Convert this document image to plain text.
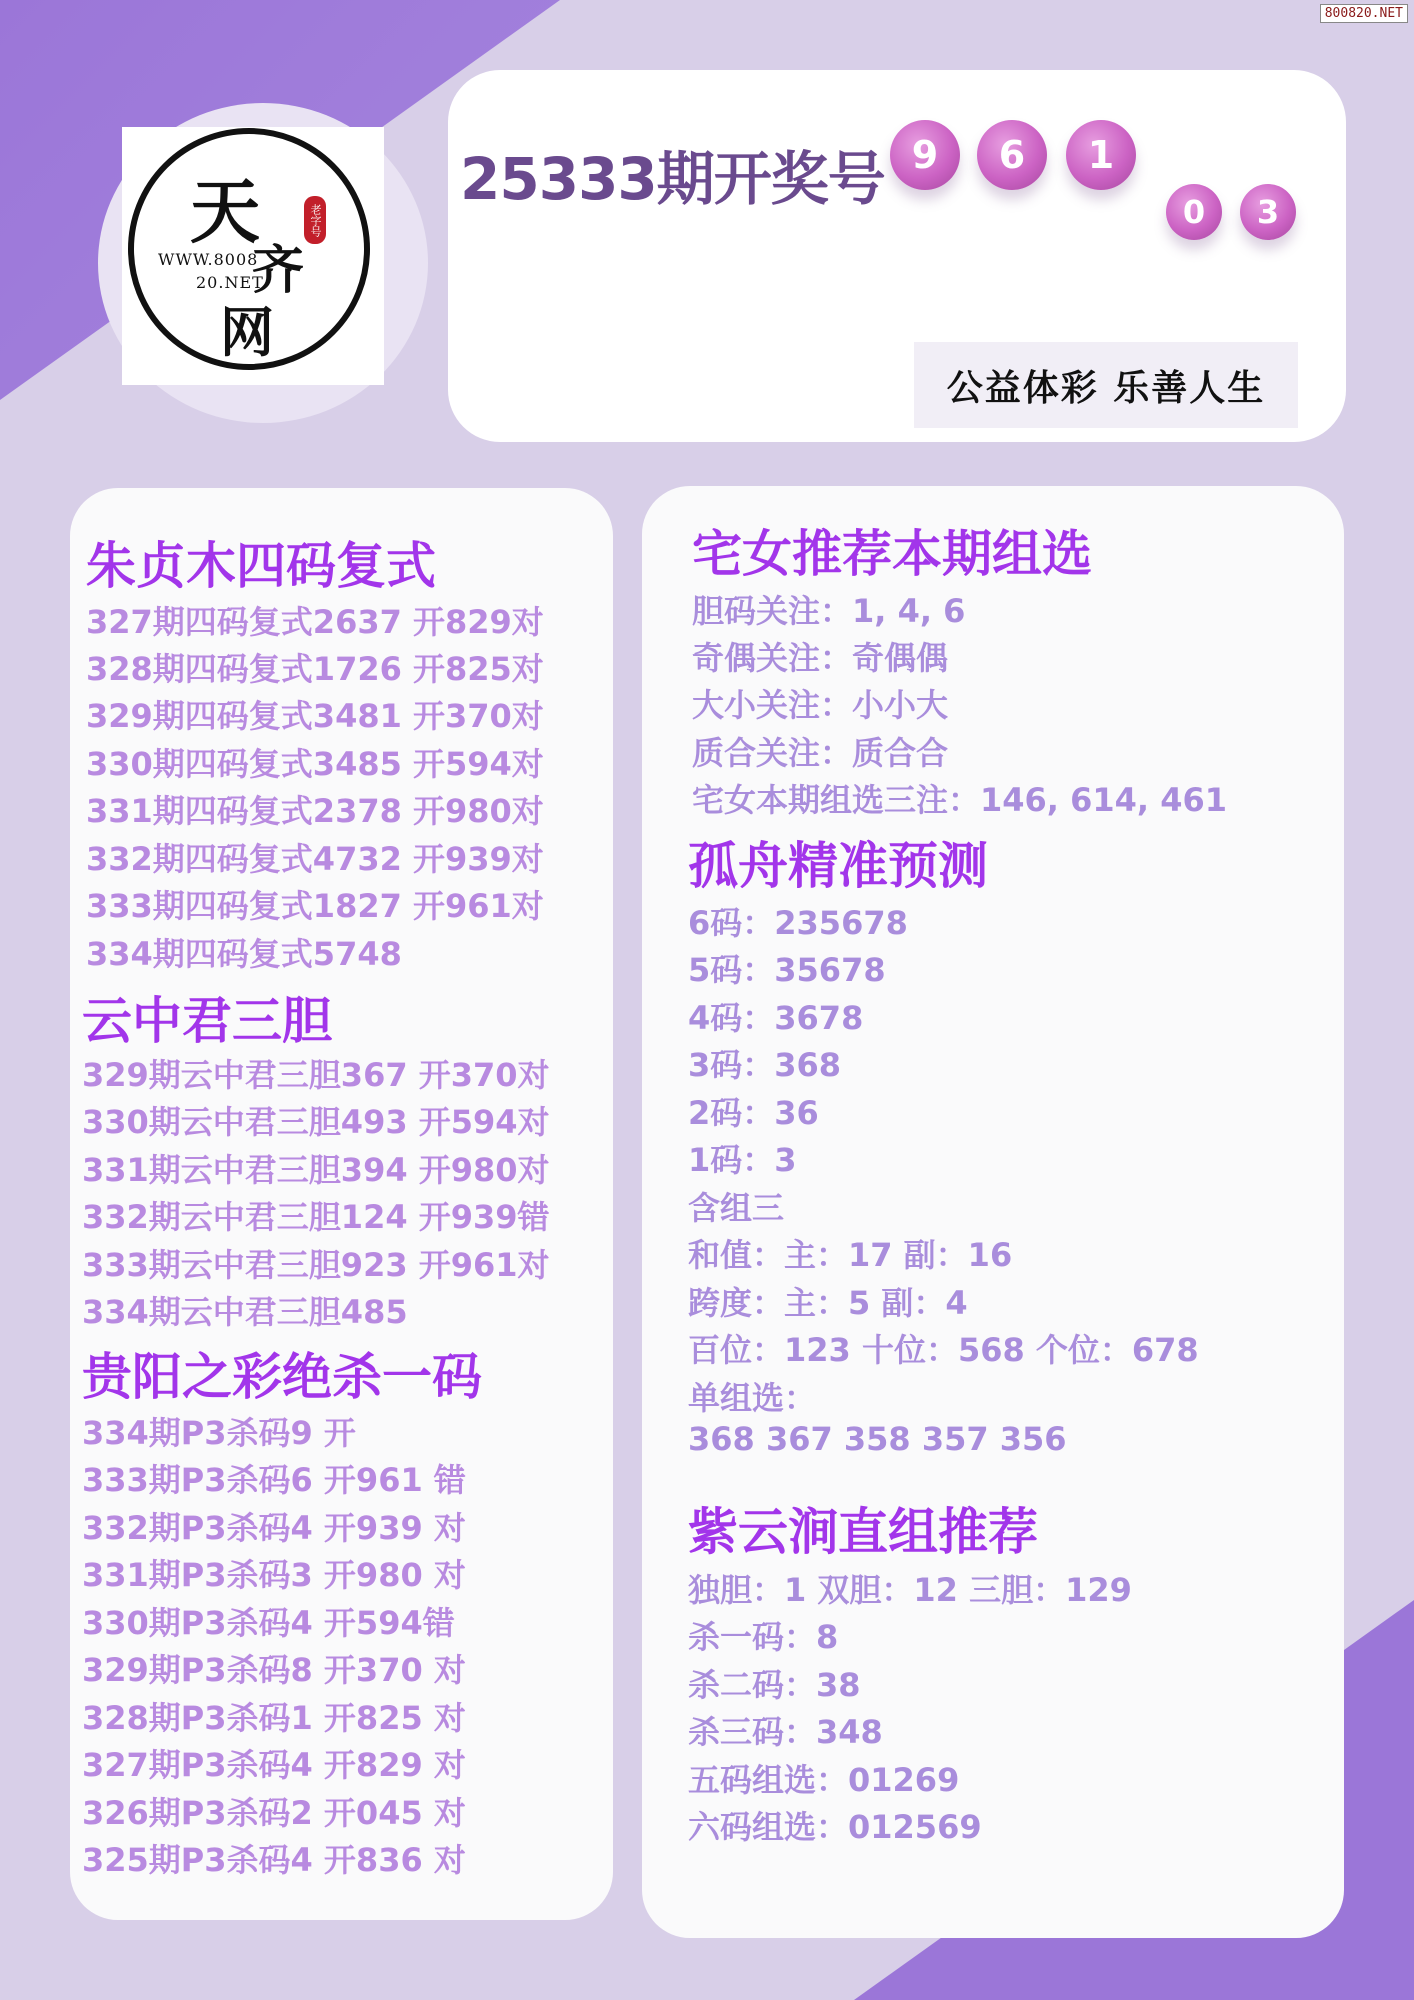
800820.NET
天
齐
网
老字号
WWW.8008
20.NET
25333期开奖号 9	6	1
0	3
公益体彩 乐善人生
朱贞木四码复式
327期四码复式2637 开829对
328期四码复式1726 开825对
329期四码复式3481 开370对
330期四码复式3485 开594对
331期四码复式2378 开980对
332期四码复式4732 开939对
333期四码复式1827 开961对
334期四码复式5748
云中君三胆
329期云中君三胆367 开370对
330期云中君三胆493 开594对
331期云中君三胆394 开980对
332期云中君三胆124 开939错
333期云中君三胆923 开961对
334期云中君三胆485
贵阳之彩绝杀一码
334期P3杀码9 开
333期P3杀码6 开961 错
332期P3杀码4 开939 对
331期P3杀码3 开980 对
330期P3杀码4 开594错
329期P3杀码8 开370 对
328期P3杀码1 开825 对
327期P3杀码4 开829 对
326期P3杀码2 开045 对
325期P3杀码4 开836 对
宅女推荐本期组选
胆码关注：1, 4, 6
奇偶关注：奇偶偶
大小关注：小小大
质合关注：质合合
宅女本期组选三注：146, 614, 461
孤舟精准预测
6码：235678
5码：35678
4码：3678
3码：368
2码：36
1码：3
含组三
和值：主：17 副：16
跨度：主：5 副：4
百位：123 十位：568 个位：678
单组选：
368 367 358 357 356
紫云涧直组推荐
独胆：1 双胆：12 三胆：129
杀一码：8
杀二码：38
杀三码：348
五码组选：01269
六码组选：012569
